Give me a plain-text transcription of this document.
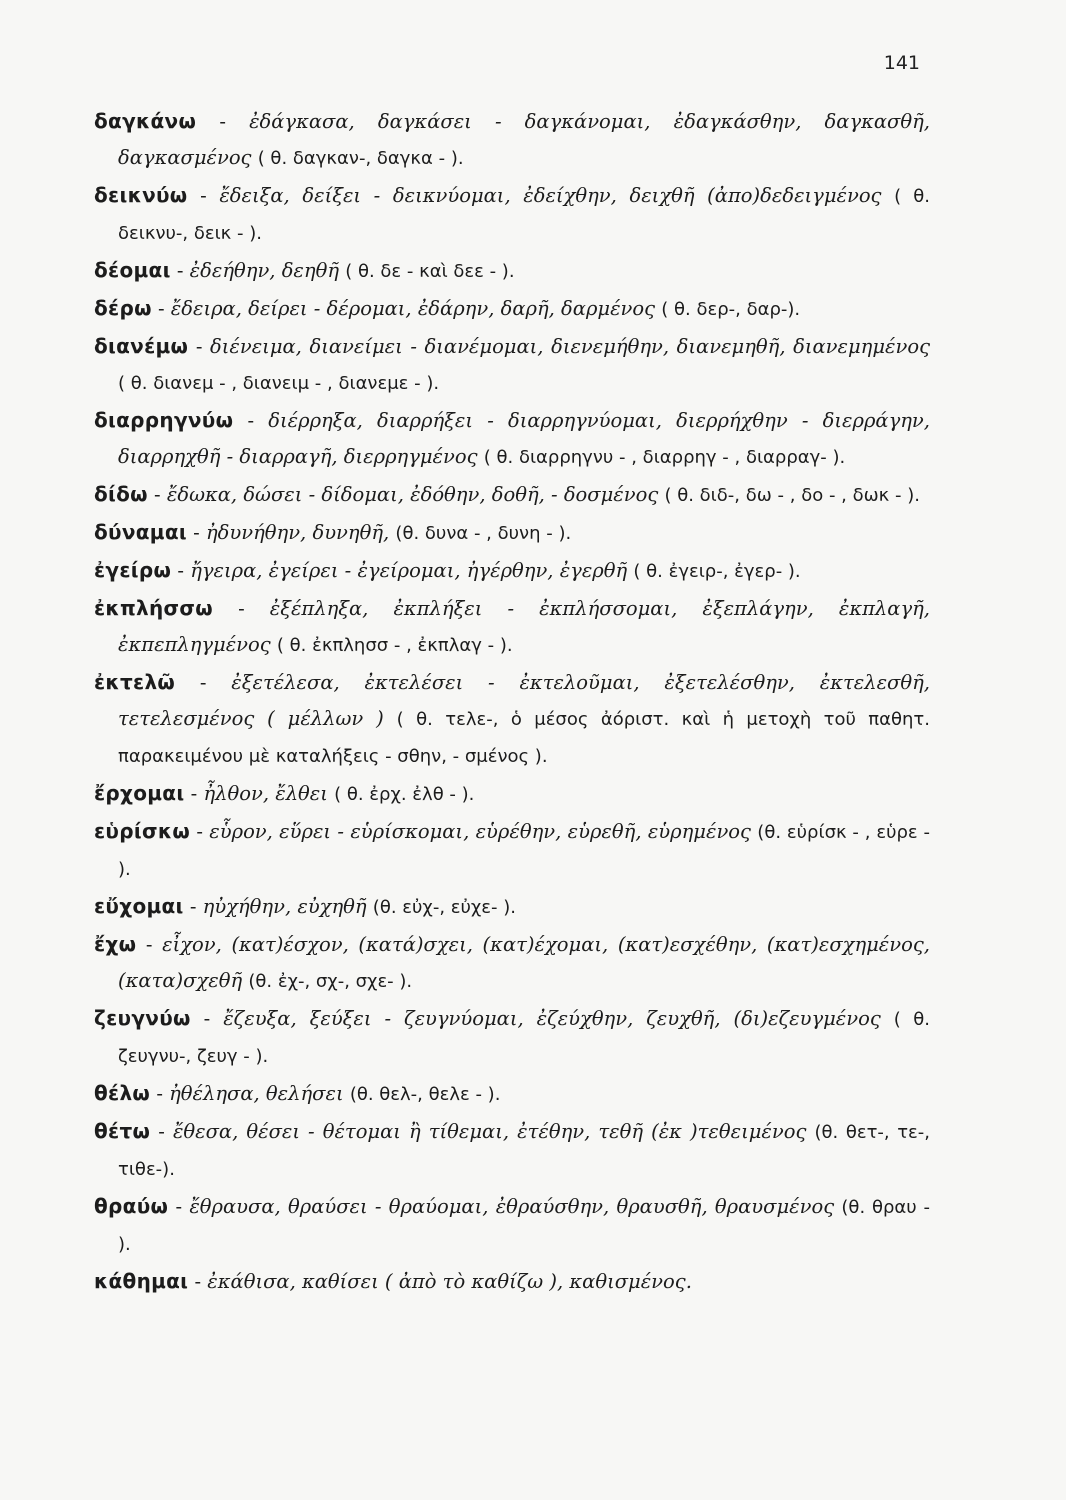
141
δαγκάνω - ἐδάγκασα, δαγκάσει - δαγκάνομαι, ἐδαγκάσθην, δαγκασθῆ, δαγκασμένος ( θ. δαγκαν-, δαγκα - ).
δεικνύω - ἔδειξα, δείξει - δεικνύομαι, ἐδείχθην, δειχθῆ (ἀπο)δεδειγμένος ( θ. δεικνυ-, δεικ - ).
δέομαι - ἐδεήθην, δεηθῆ ( θ. δε - καὶ δεε - ).
δέρω - ἔδειρα, δείρει - δέρομαι, ἐδάρην, δαρῆ, δαρμένος ( θ. δερ-, δαρ-).
διανέμω - διένειμα, διανείμει - διανέμομαι, διενεμήθην, διανεμηθῆ, διανεμημένος ( θ. διανεμ - , διανειμ - , διανεμε - ).
διαρρηγνύω - διέρρηξα, διαρρήξει - διαρρηγνύομαι, διερρήχθην - διερράγην, διαρρηχθῆ - διαρραγῆ, διερρηγμένος ( θ. διαρρηγνυ - , διαρρηγ - , διαρραγ- ).
δίδω - ἔδωκα, δώσει - δίδομαι, ἐδόθην, δοθῆ, - δοσμένος ( θ. διδ-, δω - , δο - , δωκ - ).
δύναμαι - ἠδυνήθην, δυνηθῆ, (θ. δυνα - , δυνη - ).
ἐγείρω - ἤγειρα, ἐγείρει - ἐγείρομαι, ἠγέρθην, ἐγερθῆ ( θ. ἐγειρ-, ἐγερ- ).
ἐκπλήσσω - ἐξέπληξα, ἐκπλήξει - ἐκπλήσσομαι, ἐξεπλάγην, ἐκπλαγῆ, ἐκπεπληγμένος ( θ. ἐκπλησσ - , ἐκπλαγ - ).
ἐκτελῶ - ἐξετέλεσα, ἐκτελέσει - ἐκτελοῦμαι, ἐξετελέσθην, ἐκτελεσθῆ, τετελεσμένος ( μέλλων ) ( θ. τελε-, ὁ μέσος ἀόριστ. καὶ ἡ μετοχὴ τοῦ παθητ. παρακειμένου μὲ καταλήξεις - σθην, - σμένος ).
ἔρχομαι - ἦλθον, ἔλθει ( θ. ἐρχ. ἐλθ - ).
εὑρίσκω - εὗρον, εὕρει - εὑρίσκομαι, εὑρέθην, εὑρεθῆ, εὑρημένος (θ. εὑρίσκ - , εὑρε - ).
εὔχομαι - ηὐχήθην, εὐχηθῆ (θ. εὐχ-, εὐχε- ).
ἔχω - εἶχον, (κατ)έσχον, (κατά)σχει, (κατ)έχομαι, (κατ)εσχέθην, (κατ)εσχημένος, (κατα)σχεθῆ (θ. ἐχ-, σχ-, σχε- ).
ζευγνύω - ἔζευξα, ξεύξει - ζευγνύομαι, ἐζεύχθην, ζευχθῆ, (δι)εζευγμένος ( θ. ζευγνυ-, ζευγ - ).
θέλω - ἠθέλησα, θελήσει (θ. θελ-, θελε - ).
θέτω - ἔθεσα, θέσει - θέτομαι ἢ τίθεμαι, ἐτέθην, τεθῆ (ἐκ )τεθειμένος (θ. θετ-, τε-, τιθε-).
θραύω - ἔθραυσα, θραύσει - θραύομαι, ἐθραύσθην, θραυσθῆ, θραυσμένος (θ. θραυ - ).
κάθημαι - ἐκάθισα, καθίσει ( ἀπὸ τὸ καθίζω ), καθισμένος.
